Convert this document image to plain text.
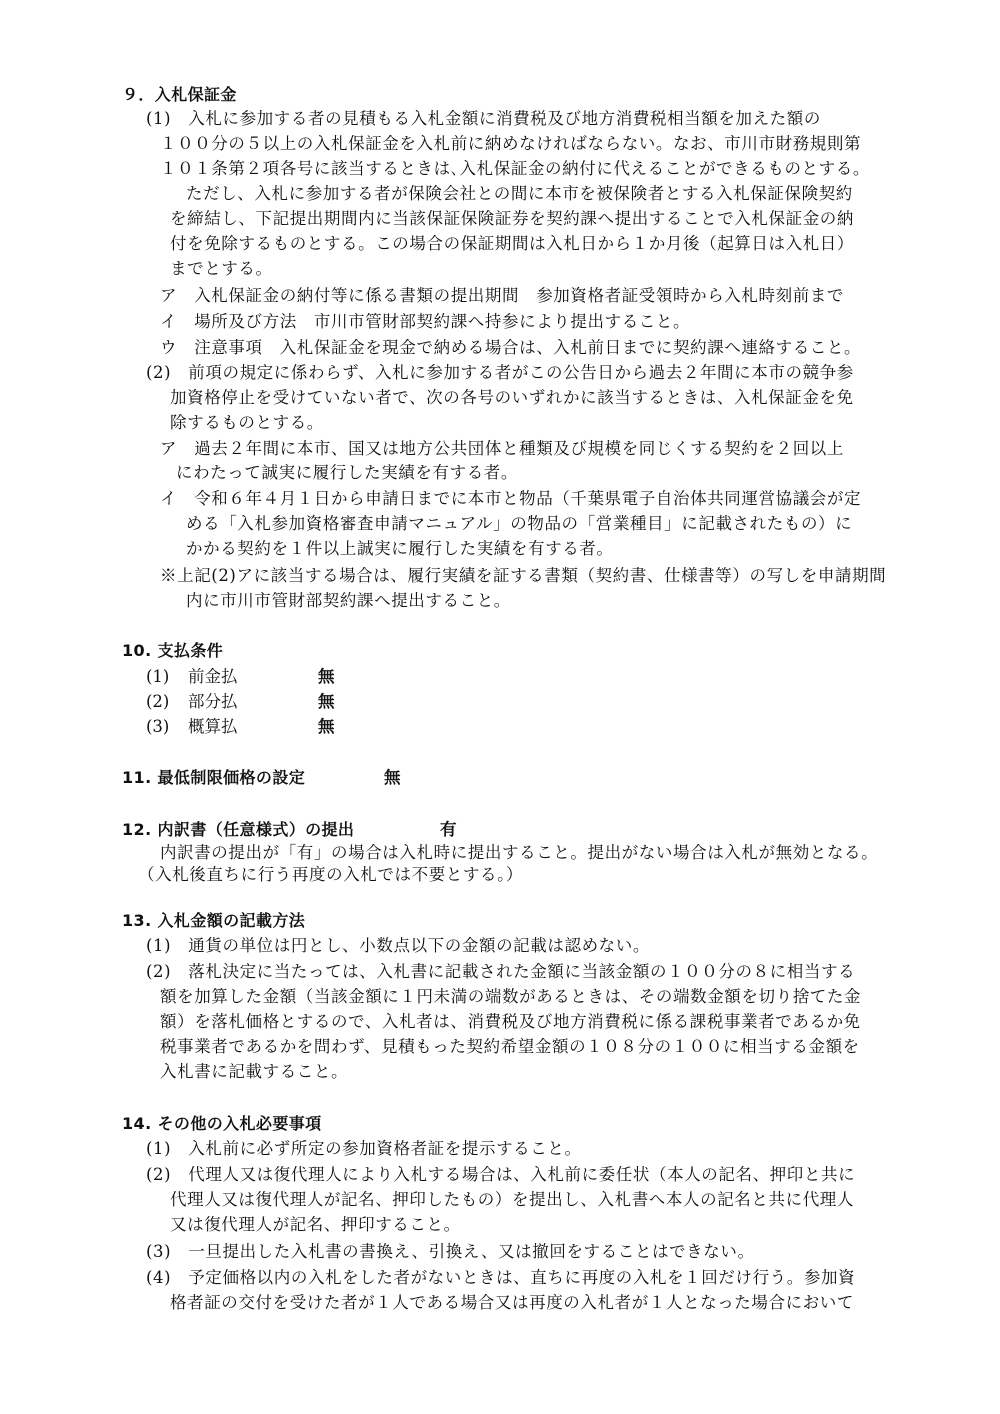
９．入札保証金
(1)　入札に参加する者の見積もる入札金額に消費税及び地方消費税相当額を加えた額の
１００分の５以上の入札保証金を入札前に納めなければならない。なお、市川市財務規則第
１０１条第２項各号に該当するときは､入札保証金の納付に代えることができるものとする。
ただし、入札に参加する者が保険会社との間に本市を被保険者とする入札保証保険契約
を締結し、下記提出期間内に当該保証保険証券を契約課へ提出することで入札保証金の納
付を免除するものとする。この場合の保証期間は入札日から１か月後（起算日は入札日）
までとする。
ア　入札保証金の納付等に係る書類の提出期間　参加資格者証受領時から入札時刻前まで
イ　場所及び方法　市川市管財部契約課へ持参により提出すること。
ウ　注意事項　入札保証金を現金で納める場合は、入札前日までに契約課へ連絡すること。
(2)　前項の規定に係わらず、入札に参加する者がこの公告日から過去２年間に本市の競争参
加資格停止を受けていない者で、次の各号のいずれかに該当するときは、入札保証金を免
除するものとする。
ア　過去２年間に本市、国又は地方公共団体と種類及び規模を同じくする契約を２回以上
にわたって誠実に履行した実績を有する者。
イ　令和６年４月１日から申請日までに本市と物品（千葉県電子自治体共同運営協議会が定
める「入札参加資格審査申請マニュアル」の物品の「営業種目」に記載されたもの）に
かかる契約を１件以上誠実に履行した実績を有する者。
※上記(2)アに該当する場合は、履行実績を証する書類（契約書、仕様書等）の写しを申請期間
内に市川市管財部契約課へ提出すること。
10. 支払条件
(1) 前金払	無
(2) 部分払	無
(3) 概算払	無
11. 最低制限価格の設定	無
12. 内訳書（任意様式）の提出	有
内訳書の提出が「有」の場合は入札時に提出すること。提出がない場合は入札が無効となる。
（入札後直ちに行う再度の入札では不要とする。）
13. 入札金額の記載方法
(1)　通貨の単位は円とし、小数点以下の金額の記載は認めない。
(2)　落札決定に当たっては、入札書に記載された金額に当該金額の１００分の８に相当する
額を加算した金額（当該金額に１円未満の端数があるときは、その端数金額を切り捨てた金
額）を落札価格とするので、入札者は、消費税及び地方消費税に係る課税事業者であるか免
税事業者であるかを問わず、見積もった契約希望金額の１０８分の１００に相当する金額を
入札書に記載すること。
14. その他の入札必要事項
(1)　入札前に必ず所定の参加資格者証を提示すること。
(2)　代理人又は復代理人により入札する場合は、入札前に委任状（本人の記名、押印と共に
代理人又は復代理人が記名、押印したもの）を提出し、入札書へ本人の記名と共に代理人
又は復代理人が記名、押印すること。
(3)　一旦提出した入札書の書換え、引換え、又は撤回をすることはできない。
(4)　予定価格以内の入札をした者がないときは、直ちに再度の入札を１回だけ行う。参加資
格者証の交付を受けた者が１人である場合又は再度の入札者が１人となった場合において
